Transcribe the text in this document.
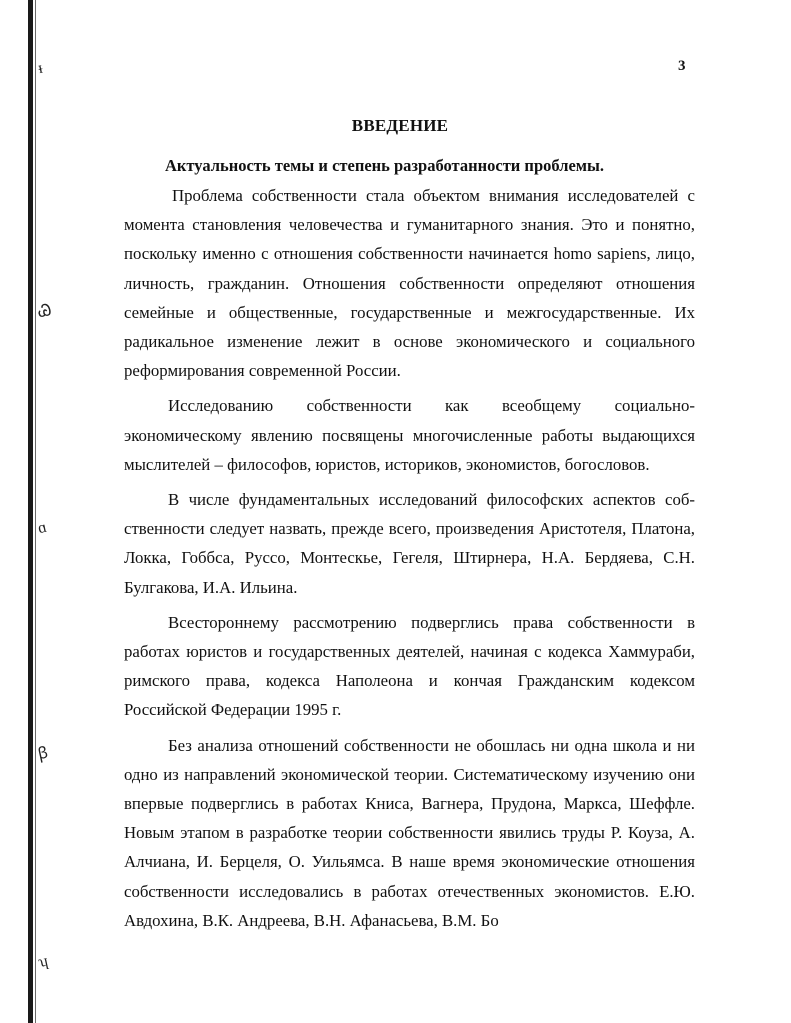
ᵻ
Ꮚ
ɑ
ꞵ
ʮ
3
ВВЕДЕНИЕ
Актуальность темы и степень разработанности проблемы.

Проблема собственности стала объектом внимания исследователей с момента становления человечества и гуманитарного знания. Это и понятно, поскольку именно с отношения собственности начинается homo sapiens, лицо, личность, гражданин. Отношения собственности определяют отношения семейные и общественные, государственные и межгосударственные. Их радикальное изменение лежит в основе экономического и социального реформирования современной России.

Исследованию собственности как всеобщему социально-экономическому явлению посвящены многочисленные работы выдающихся мыслителей – философов, юристов, историков, экономистов, богословов.

В числе фундаментальных исследований философских аспектов собственности следует назвать, прежде всего, произведения Аристотеля, Платона, Локка, Гоббса, Руссо, Монтескье, Гегеля, Штирнера, Н.А. Бердяева, С.Н. Булгакова, И.А. Ильина.

Всестороннему рассмотрению подверглись права собственности в работах юристов и государственных деятелей, начиная с кодекса Хаммураби, римского права, кодекса Наполеона и кончая Гражданским кодексом Российской Федерации 1995 г.

Без анализа отношений собственности не обошлась ни одна школа и ни одно из направлений экономической теории. Систематическому изучению они впервые подверглись в работах Книса, Вагнера, Прудона, Маркса, Шеффле. Новым этапом в разработке теории собственности явились труды Р. Коуза, А. Алчиана, И. Берцеля, О. Уильямса. В наше время экономические отношения собственности исследовались в работах отечественных экономистов. Е.Ю. Авдохина, В.К. Андреева, В.Н. Афанасьева, В.М. Бо
